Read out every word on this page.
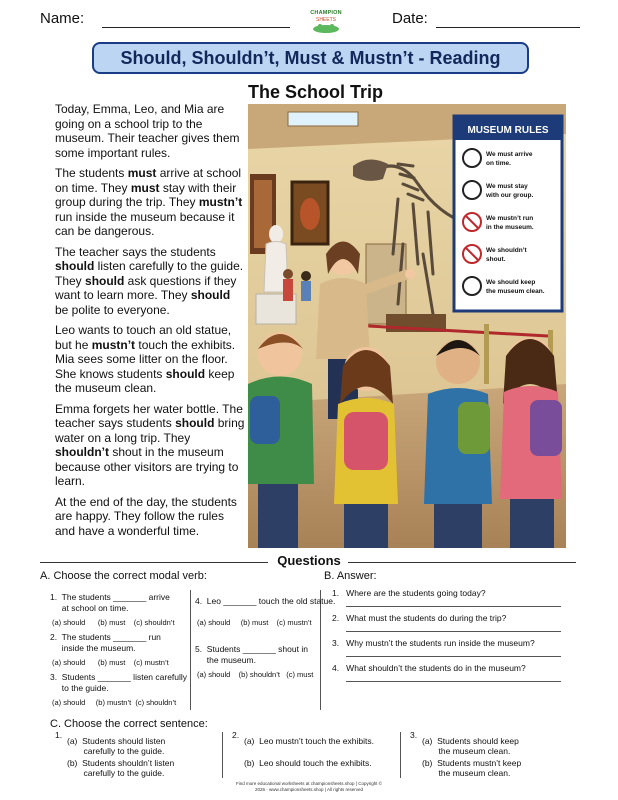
Name:	CHAMPION
SHEETS	Date:
Should, Shouldn’t, Must & Mustn’t - Reading
The School Trip

Today, Emma, Leo, and Mia are going on a school trip to the museum. Their teacher gives them some important rules.

The students must arrive at school on time. They must stay with their group during the trip. They mustn’t run inside the museum because it can be dangerous.

The teacher says the students should listen carefully to the guide. They should ask questions if they want to learn more. They should be polite to everyone.

Leo wants to touch an old statue, but he mustn’t touch the exhibits. Mia sees some litter on the floor. She knows students should keep the museum clean.

Emma forgets her water bottle. The teacher says students should bring water on a long trip. They shouldn’t shout in the museum because other visitors are trying to learn.

At the end of the day, the students are happy. They follow the rules and have a wonderful time.

MUSEUM RULES
We must arrive
on time.
We must stay
with our group.
We mustn’t run
in the museum.
We shouldn’t
shout.
We should keep
the museum clean.
Questions
A. Choose the correct modal verb:	B. Answer:
1.  The students _______ arrive
at school on time.
(a) should      (b) must    (c) shouldn’t
2.  The students _______ run
inside the museum.
(a) should      (b) must    (c) mustn’t
3.  Students _______ listen carefully
to the guide.
(a) should     (b) mustn’t  (c) shouldn’t
4.  Leo _______ touch the old statue.
(a) should     (b) must    (c) mustn’t
5.  Students _______ shout in
the museum.
(a) should    (b) shouldn’t   (c) must
1.   Where are the students going today?
2.   What must the students do during the trip?
3.   Why mustn’t the students run inside the museum?
4.   What shouldn’t the students do in the museum?
C. Choose the correct sentence:
1.
(a)  Students should listen
carefully to the guide.
(b)  Students shouldn’t listen
carefully to the guide.
2.
(a)  Leo mustn’t touch the exhibits.
(b)  Leo should touch the exhibits.
3.
(a)  Students should keep
the museum clean.
(b)  Students mustn’t keep
the museum clean.
Find more educational worksheets at championsheets.shop | Copyright ©
2026 · www.championsheets.shop | All rights reserved
